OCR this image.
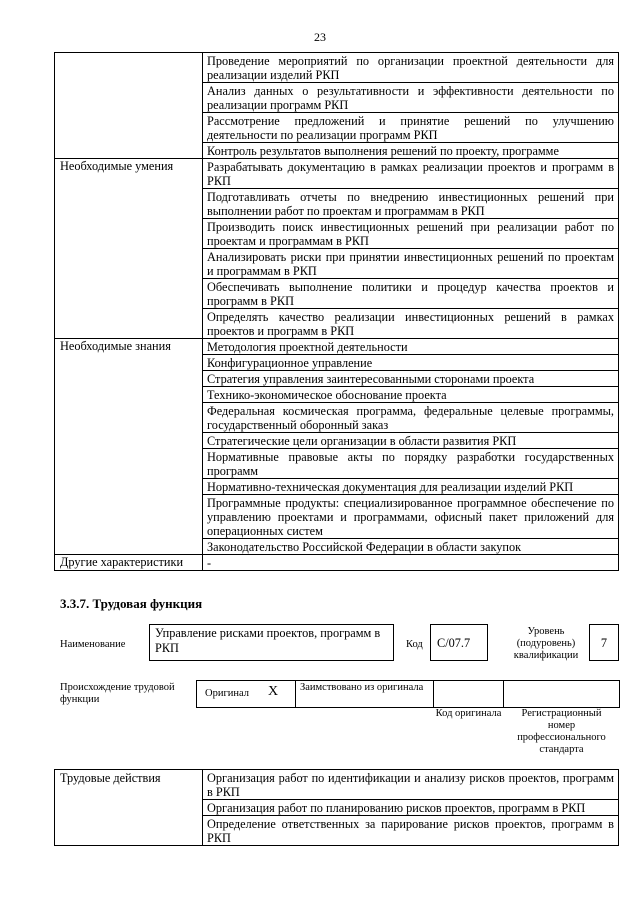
23
	Проведение мероприятий по организации проектной деятельности для реализации изделий РКП
	Анализ данных о результативности и эффективности деятельности по реализации программ РКП
	Рассмотрение предложений и принятие решений по улучшению деятельности по реализации программ РКП
	Контроль результатов выполнения решений по проекту, программе
Необходимые умения	Разрабатывать документацию в рамках реализации проектов и программ в РКП
	Подготавливать отчеты по внедрению инвестиционных решений при выполнении работ по проектам и программам в РКП
	Производить поиск инвестиционных решений при реализации работ по проектам и программам в РКП
	Анализировать риски при принятии инвестиционных решений по проектам и программам в РКП
	Обеспечивать выполнение политики и процедур качества проектов и программ в РКП
	Определять качество реализации инвестиционных решений в рамках проектов и программ в РКП
Необходимые знания	Методология проектной деятельности
	Конфигурационное управление
	Стратегия управления заинтересованными сторонами проекта
	Технико-экономическое обоснование проекта
	Федеральная космическая программа, федеральные целевые программы, государственный оборонный заказ
	Стратегические цели организации в области развития РКП
	Нормативные правовые акты по порядку разработки государственных программ
	Нормативно-техническая документация для реализации изделий РКП
	Программные продукты: специализированное программное обеспечение по управлению проектами и программами, офисный пакет приложений для операционных систем
	Законодательство Российской Федерации в области закупок
Другие характеристики	-
3.3.7. Трудовая функция
Наименование
Управление рисками проектов, программ в РКП	Код	C/07.7
Уровень (подуровень) квалификации
7
Происхождение трудовой функции
Оригинал X	Заимствовано из оригинала
Код оригинала	Регистрационный номер профессионального стандарта
Трудовые действия	Организация работ по идентификации и анализу рисков проектов, программ в РКП
Организация работ по планированию рисков проектов, программ в РКП
Определение ответственных за парирование рисков проектов, программ в РКП
